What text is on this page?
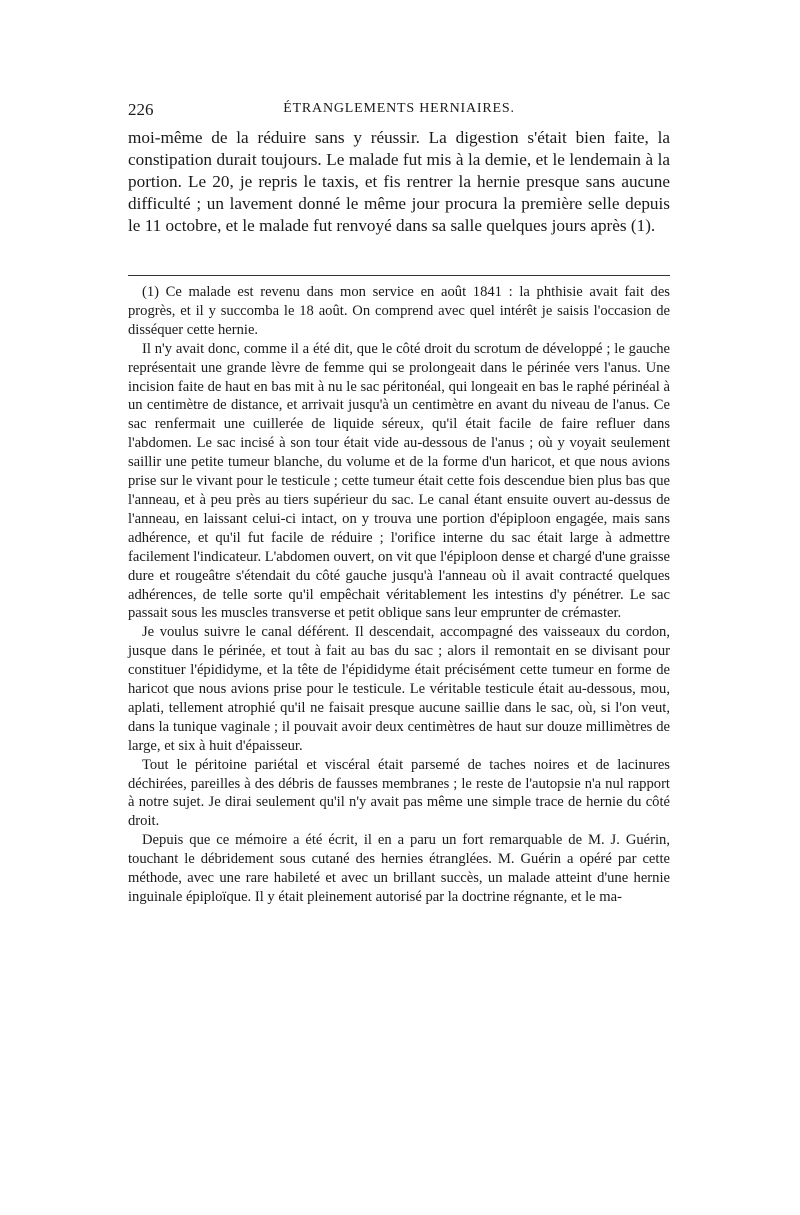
226	ÉTRANGLEMENTS HERNIAIRES.

moi-même de la réduire sans y réussir. La digestion s'était bien faite, la constipation durait toujours. Le malade fut mis à la demie, et le lendemain à la portion. Le 20, je repris le taxis, et fis rentrer la hernie presque sans aucune difficulté ; un lavement donné le même jour procura la première selle depuis le 11 octobre, et le malade fut renvoyé dans sa salle quelques jours après (1).

(1) Ce malade est revenu dans mon service en août 1841 : la phthisie avait fait des progrès, et il y succomba le 18 août. On comprend avec quel intérêt je saisis l'occasion de disséquer cette hernie.

Il n'y avait donc, comme il a été dit, que le côté droit du scrotum de développé ; le gauche représentait une grande lèvre de femme qui se prolongeait dans le périnée vers l'anus. Une incision faite de haut en bas mit à nu le sac péritonéal, qui longeait en bas le raphé périnéal à un centimètre de distance, et arrivait jusqu'à un centimètre en avant du niveau de l'anus. Ce sac renfermait une cuillerée de liquide séreux, qu'il était facile de faire refluer dans l'abdomen. Le sac incisé à son tour était vide au-dessous de l'anus ; où y voyait seulement saillir une petite tumeur blanche, du volume et de la forme d'un haricot, et que nous avions prise sur le vivant pour le testicule ; cette tumeur était cette fois descendue bien plus bas que l'anneau, et à peu près au tiers supérieur du sac. Le canal étant ensuite ouvert au-dessus de l'anneau, en laissant celui-ci intact, on y trouva une portion d'épiploon engagée, mais sans adhérence, et qu'il fut facile de réduire ; l'orifice interne du sac était large à admettre facilement l'indicateur. L'abdomen ouvert, on vit que l'épiploon dense et chargé d'une graisse dure et rougeâtre s'étendait du côté gauche jusqu'à l'anneau où il avait contracté quelques adhérences, de telle sorte qu'il empêchait véritablement les intestins d'y pénétrer. Le sac passait sous les muscles transverse et petit oblique sans leur emprunter de crémaster.

Je voulus suivre le canal déférent. Il descendait, accompagné des vaisseaux du cordon, jusque dans le périnée, et tout à fait au bas du sac ; alors il remontait en se divisant pour constituer l'épididyme, et la tête de l'épididyme était précisément cette tumeur en forme de haricot que nous avions prise pour le testicule. Le véritable testicule était au-dessous, mou, aplati, tellement atrophié qu'il ne faisait presque aucune saillie dans le sac, où, si l'on veut, dans la tunique vaginale ; il pouvait avoir deux centimètres de haut sur douze millimètres de large, et six à huit d'épaisseur.

Tout le péritoine pariétal et viscéral était parsemé de taches noires et de lacinures déchirées, pareilles à des débris de fausses membranes ; le reste de l'autopsie n'a nul rapport à notre sujet. Je dirai seulement qu'il n'y avait pas même une simple trace de hernie du côté droit.

Depuis que ce mémoire a été écrit, il en a paru un fort remarquable de M. J. Guérin, touchant le débridement sous cutané des hernies étranglées. M. Guérin a opéré par cette méthode, avec une rare habileté et avec un brillant succès, un malade atteint d'une hernie inguinale épiploïque. Il y était pleinement autorisé par la doctrine régnante, et le ma-
